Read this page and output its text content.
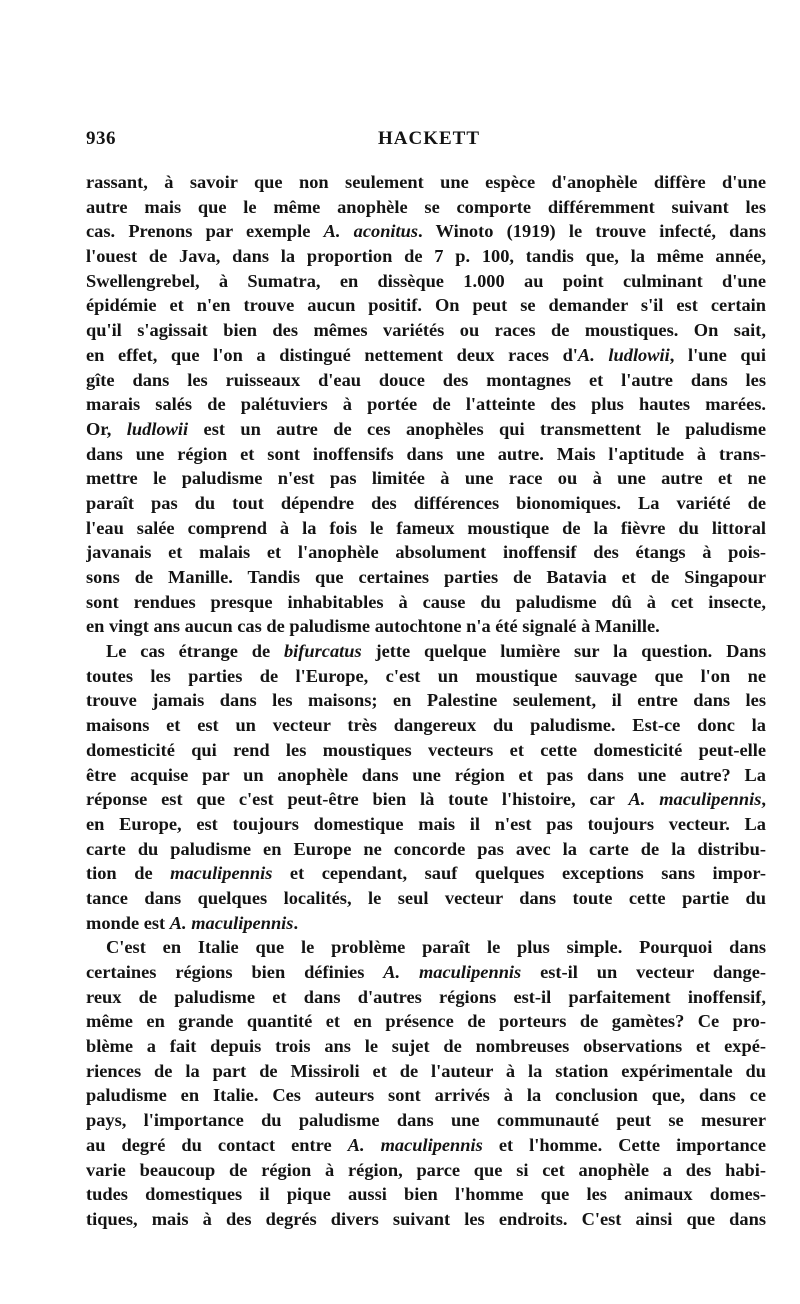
936	HACKETT
rassant, à savoir que non seulement une espèce d'anophèle diffère d'une
autre mais que le même anophèle se comporte différemment suivant les
cas. Prenons par exemple A. aconitus. Winoto (1919) le trouve infecté, dans
l'ouest de Java, dans la proportion de 7 p. 100, tandis que, la même année,
Swellengrebel, à Sumatra, en dissèque 1.000 au point culminant d'une
épidémie et n'en trouve aucun positif. On peut se demander s'il est certain
qu'il s'agissait bien des mêmes variétés ou races de moustiques. On sait,
en effet, que l'on a distingué nettement deux races d'A. ludlowii, l'une qui
gîte dans les ruisseaux d'eau douce des montagnes et l'autre dans les
marais salés de palétuviers à portée de l'atteinte des plus hautes marées.
Or, ludlowii est un autre de ces anophèles qui transmettent le paludisme
dans une région et sont inoffensifs dans une autre. Mais l'aptitude à trans-
mettre le paludisme n'est pas limitée à une race ou à une autre et ne
paraît pas du tout dépendre des différences bionomiques. La variété de
l'eau salée comprend à la fois le fameux moustique de la fièvre du littoral
javanais et malais et l'anophèle absolument inoffensif des étangs à pois-
sons de Manille. Tandis que certaines parties de Batavia et de Singapour
sont rendues presque inhabitables à cause du paludisme dû à cet insecte,
en vingt ans aucun cas de paludisme autochtone n'a été signalé à Manille.
Le cas étrange de bifurcatus jette quelque lumière sur la question. Dans
toutes les parties de l'Europe, c'est un moustique sauvage que l'on ne
trouve jamais dans les maisons; en Palestine seulement, il entre dans les
maisons et est un vecteur très dangereux du paludisme. Est-ce donc la
domesticité qui rend les moustiques vecteurs et cette domesticité peut-elle
être acquise par un anophèle dans une région et pas dans une autre? La
réponse est que c'est peut-être bien là toute l'histoire, car A. maculipennis,
en Europe, est toujours domestique mais il n'est pas toujours vecteur. La
carte du paludisme en Europe ne concorde pas avec la carte de la distribu-
tion de maculipennis et cependant, sauf quelques exceptions sans impor-
tance dans quelques localités, le seul vecteur dans toute cette partie du
monde est A. maculipennis.
C'est en Italie que le problème paraît le plus simple. Pourquoi dans
certaines régions bien définies A. maculipennis est-il un vecteur dange-
reux de paludisme et dans d'autres régions est-il parfaitement inoffensif,
même en grande quantité et en présence de porteurs de gamètes? Ce pro-
blème a fait depuis trois ans le sujet de nombreuses observations et expé-
riences de la part de Missiroli et de l'auteur à la station expérimentale du
paludisme en Italie. Ces auteurs sont arrivés à la conclusion que, dans ce
pays, l'importance du paludisme dans une communauté peut se mesurer
au degré du contact entre A. maculipennis et l'homme. Cette importance
varie beaucoup de région à région, parce que si cet anophèle a des habi-
tudes domestiques il pique aussi bien l'homme que les animaux domes-
tiques, mais à des degrés divers suivant les endroits. C'est ainsi que dans
